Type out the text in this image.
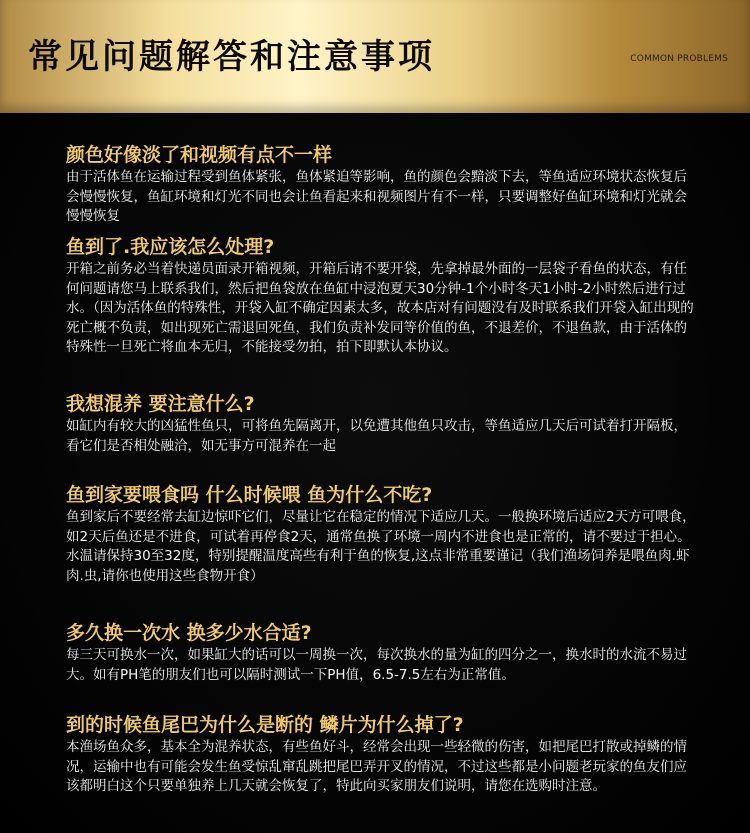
常见问题解答和注意事项	COMMON PROBLEMS

颜色好像淡了和视频有点不一样

由于活体鱼在运输过程受到鱼体紧张，鱼体紧迫等影响，鱼的颜色会黯淡下去，等鱼适应环境状态恢复后会慢慢恢复，鱼缸环境和灯光不同也会让鱼看起来和视频图片有不一样，只要调整好鱼缸环境和灯光就会慢慢恢复

鱼到了.我应该怎么处理?

开箱之前务必当着快递员面录开箱视频，开箱后请不要开袋，先拿掉最外面的一层袋子看鱼的状态，有任何问题请您马上联系我们，然后把鱼袋放在鱼缸中浸泡夏天30分钟-1个小时冬天1小时-2小时然后进行过水。（因为活体鱼的特殊性，开袋入缸不确定因素太多，故本店对有问题没有及时联系我们开袋入缸出现的死亡概不负责，如出现死亡需退回死鱼，我们负责补发同等价值的鱼，不退差价，不退鱼款，由于活体的特殊性一旦死亡将血本无归，不能接受勿拍，拍下即默认本协议。

我想混养 要注意什么?

如缸内有较大的凶猛性鱼只，可将鱼先隔离开，以免遭其他鱼只攻击，等鱼适应几天后可试着打开隔板，看它们是否相处融洽，如无事方可混养在一起

鱼到家要喂食吗 什么时候喂 鱼为什么不吃?

鱼到家后不要经常去缸边惊吓它们，尽量让它在稳定的情况下适应几天。一般换环境后适应2天方可喂食，如2天后鱼还是不进食，可试着再停食2天，通常鱼换了环境一周内不进食也是正常的，请不要过于担心。水温请保持30至32度，特别提醒温度高些有利于鱼的恢复,这点非常重要谨记（我们渔场饲养是喂鱼肉.虾肉.虫,请你也使用这些食物开食）

多久换一次水 换多少水合适?

每三天可换水一次，如果缸大的话可以一周换一次，每次换水的量为缸的四分之一，换水时的水流不易过大。如有PH笔的朋友们也可以隔时测试一下PH值，6.5-7.5左右为正常值。

到的时候鱼尾巴为什么是断的 鳞片为什么掉了?

本渔场鱼众多，基本全为混养状态，有些鱼好斗，经常会出现一些轻微的伤害，如把尾巴打散或掉鳞的情况，运输中也有可能会发生鱼受惊乱窜乱跳把尾巴弄开叉的情况，不过这些都是小问题老玩家的鱼友们应该都明白这个只要单独养上几天就会恢复了，特此向买家朋友们说明，请您在选购时注意。
